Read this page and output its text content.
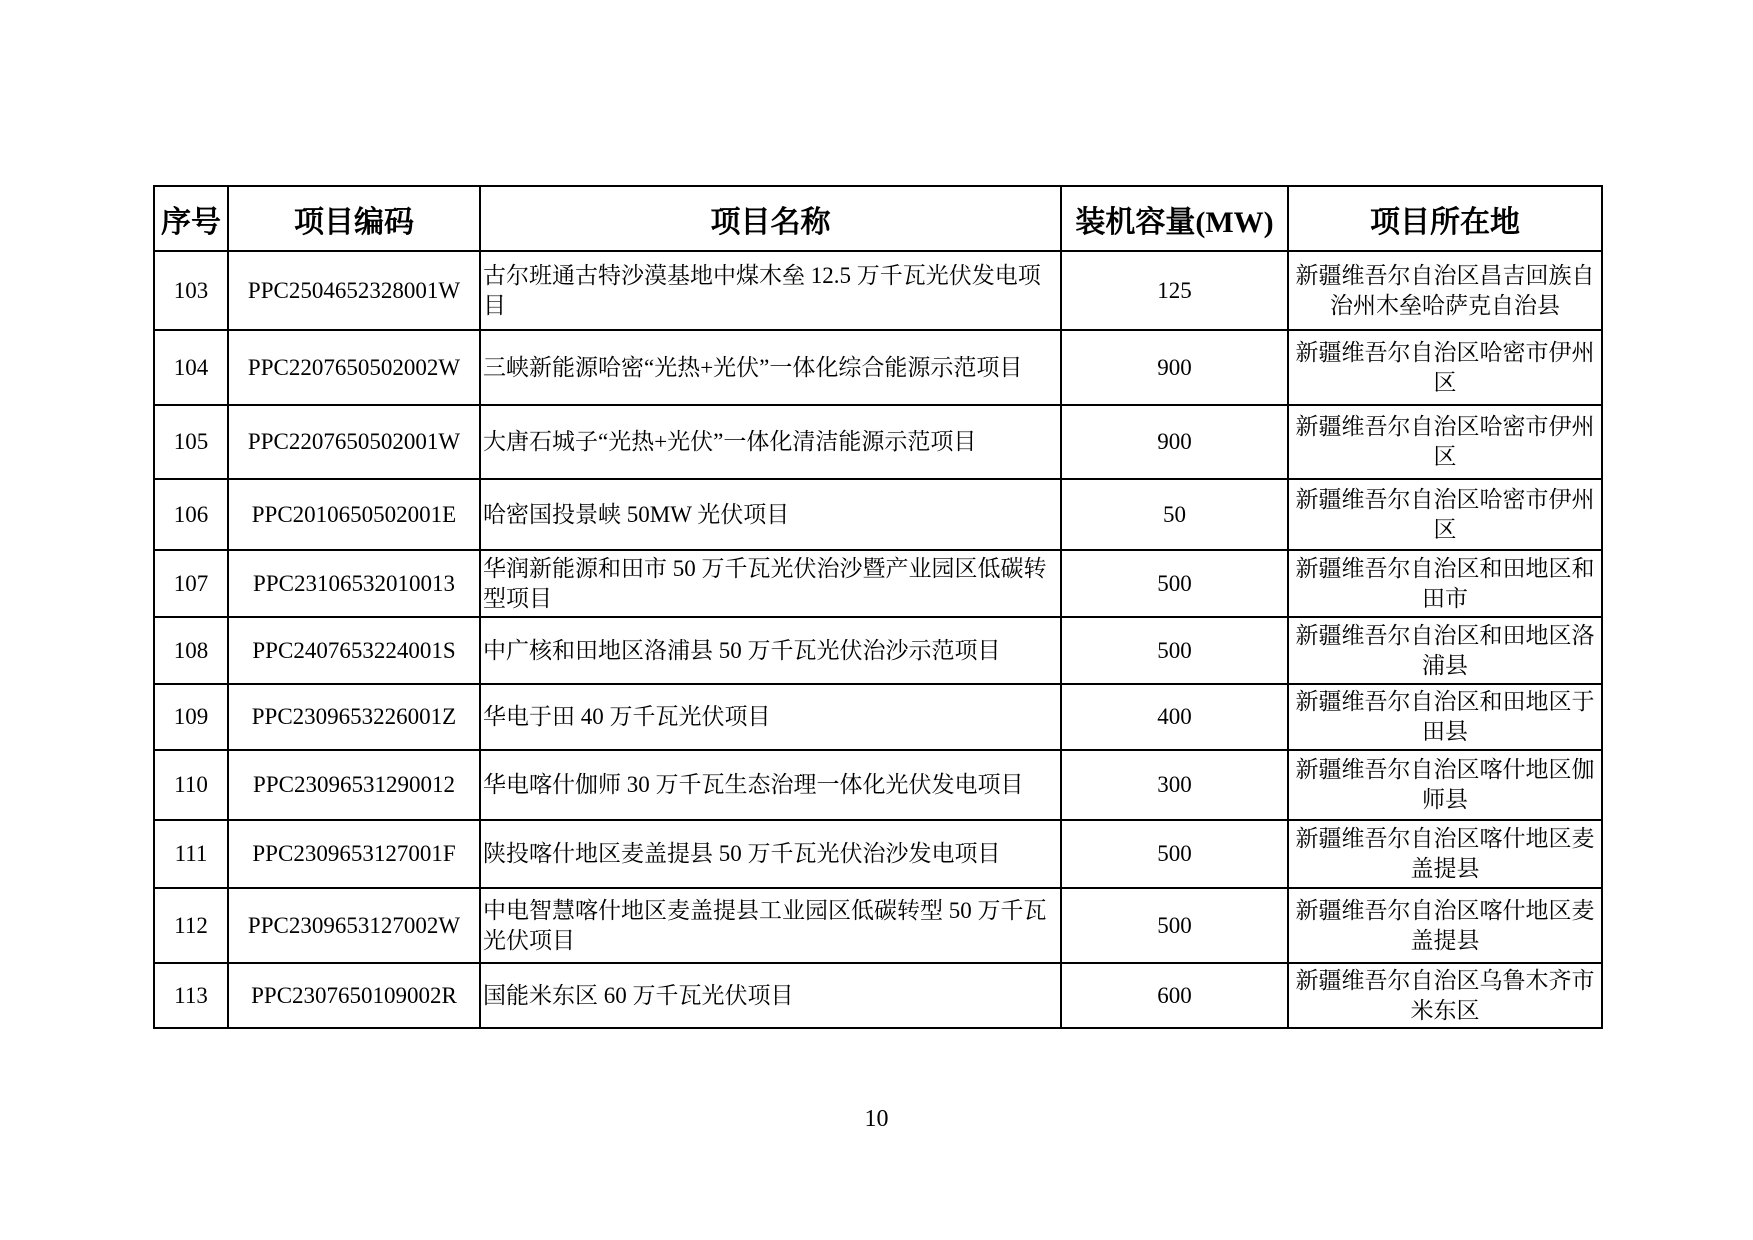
序号	项目编码	项目名称	装机容量(MW)	项目所在地
103	PPC2504652328001W	古尔班通古特沙漠基地中煤木垒 12.5 万千瓦光伏发电项目	125	新疆维吾尔自治区昌吉回族自治州木垒哈萨克自治县
104	PPC2207650502002W	三峡新能源哈密“光热+光伏”一体化综合能源示范项目	900	新疆维吾尔自治区哈密市伊州区
105	PPC2207650502001W	大唐石城子“光热+光伏”一体化清洁能源示范项目	900	新疆维吾尔自治区哈密市伊州区
106	PPC2010650502001E	哈密国投景峡 50MW 光伏项目	50	新疆维吾尔自治区哈密市伊州区
107	PPC23106532010013	华润新能源和田市 50 万千瓦光伏治沙暨产业园区低碳转型项目	500	新疆维吾尔自治区和田地区和田市
108	PPC2407653224001S	中广核和田地区洛浦县 50 万千瓦光伏治沙示范项目	500	新疆维吾尔自治区和田地区洛浦县
109	PPC2309653226001Z	华电于田 40 万千瓦光伏项目	400	新疆维吾尔自治区和田地区于田县
110	PPC23096531290012	华电喀什伽师 30 万千瓦生态治理一体化光伏发电项目	300	新疆维吾尔自治区喀什地区伽师县
111	PPC2309653127001F	陕投喀什地区麦盖提县 50 万千瓦光伏治沙发电项目	500	新疆维吾尔自治区喀什地区麦盖提县
112	PPC2309653127002W	中电智慧喀什地区麦盖提县工业园区低碳转型 50 万千瓦光伏项目	500	新疆维吾尔自治区喀什地区麦盖提县
113	PPC2307650109002R	国能米东区 60 万千瓦光伏项目	600	新疆维吾尔自治区乌鲁木齐市米东区
10
